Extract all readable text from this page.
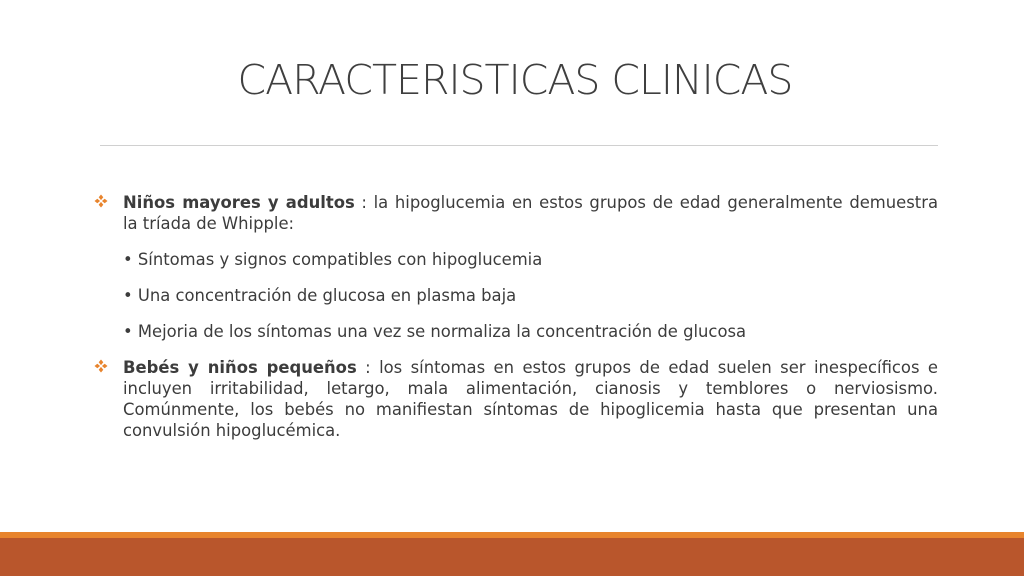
CARACTERISTICAS CLINICAS
Niños mayores y adultos : la hipoglucemia en estos grupos de edad generalmente demuestra la tríada de Whipple:
• Síntomas y signos compatibles con hipoglucemia
• Una concentración de glucosa en plasma baja
• Mejoria de los síntomas una vez se normaliza la concentración de glucosa
Bebés y niños pequeños : los síntomas en estos grupos de edad suelen ser inespecíficos e incluyen irritabilidad, letargo, mala alimentación, cianosis y temblores o nerviosismo. Comúnmente, los bebés no manifiestan síntomas de hipoglicemia hasta que presentan una convulsión hipoglucémica.
